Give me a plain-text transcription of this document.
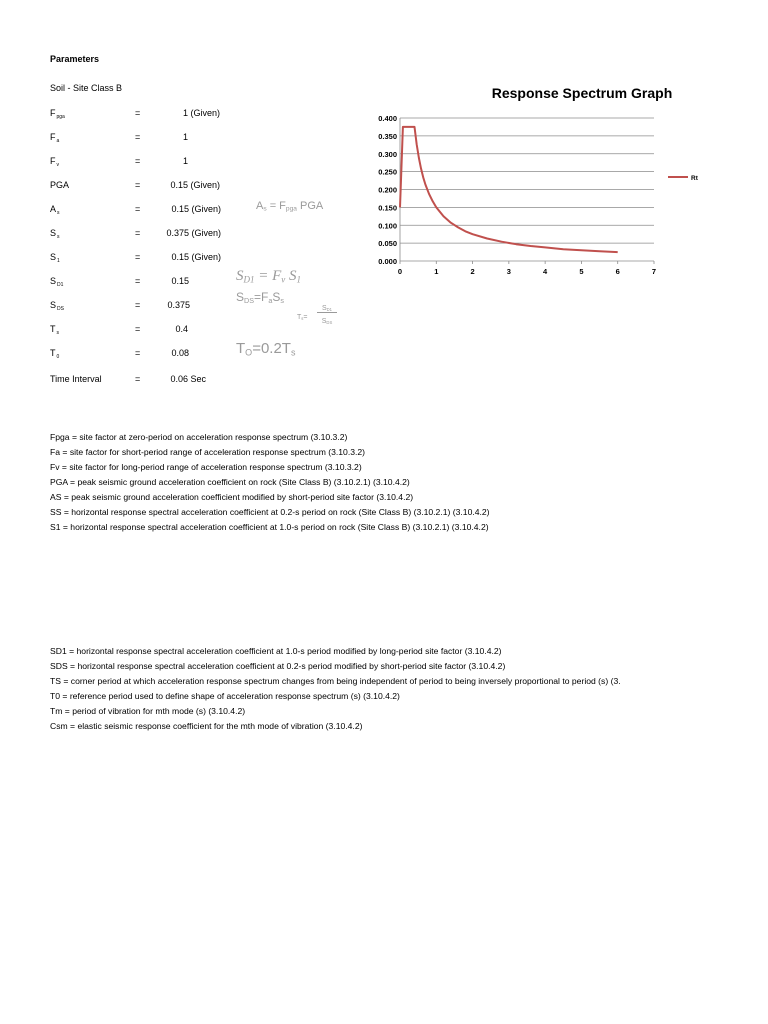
Parameters
Soil - Site Class B
$F_{pga}$	=	1 (Given)
$F_a$	=	1
$F_v$	=	1
PGA	=	0.15 (Given)
$A_s$	=	0.15 (Given)
$S_s$	=	0.375 (Given)
$S_1$	=	0.15 (Given)
$S_{D1}$	=	0.15
$S_{DS}$	=	0.375
$T_s$	=	0.4
$T_0$	=	0.08
Time Interval	=	0.06 Sec
As = Fpga PGA
SD1 = Fv S1
SDS=FaSs
Ts=
SD1
SDS
TO=0.2Ts
Response Spectrum Graph
0.000
0.050
0.100
0.150
0.200
0.250
0.300
0.350
0.400
0	1	2	3	4	5	6	7
Rt
Fpga = site factor at zero-period on acceleration response spectrum (3.10.3.2)
Fa = site factor for short-period range of acceleration response spectrum (3.10.3.2)
Fv = site factor for long-period range of acceleration response spectrum (3.10.3.2)
PGA = peak seismic ground acceleration coefficient on rock (Site Class B) (3.10.2.1) (3.10.4.2)
AS = peak seismic ground acceleration coefficient modified by short-period site factor (3.10.4.2)
SS = horizontal response spectral acceleration coefficient at 0.2-s period on rock (Site Class B) (3.10.2.1) (3.10.4.2)
S1 = horizontal response spectral acceleration coefficient at 1.0-s period on rock (Site Class B) (3.10.2.1) (3.10.4.2)
SD1 = horizontal response spectral acceleration coefficient at 1.0-s period modified by long-period site factor (3.10.4.2)
SDS = horizontal response spectral acceleration coefficient at 0.2-s period modified by short-period site factor (3.10.4.2)
TS = corner period at which acceleration response spectrum changes from being independent of period to being inversely proportional to period (s) (3.
T0 = reference period used to define shape of acceleration response spectrum (s) (3.10.4.2)
Tm = period of vibration for mth mode (s) (3.10.4.2)
Csm = elastic seismic response coefficient for the mth mode of vibration (3.10.4.2)
